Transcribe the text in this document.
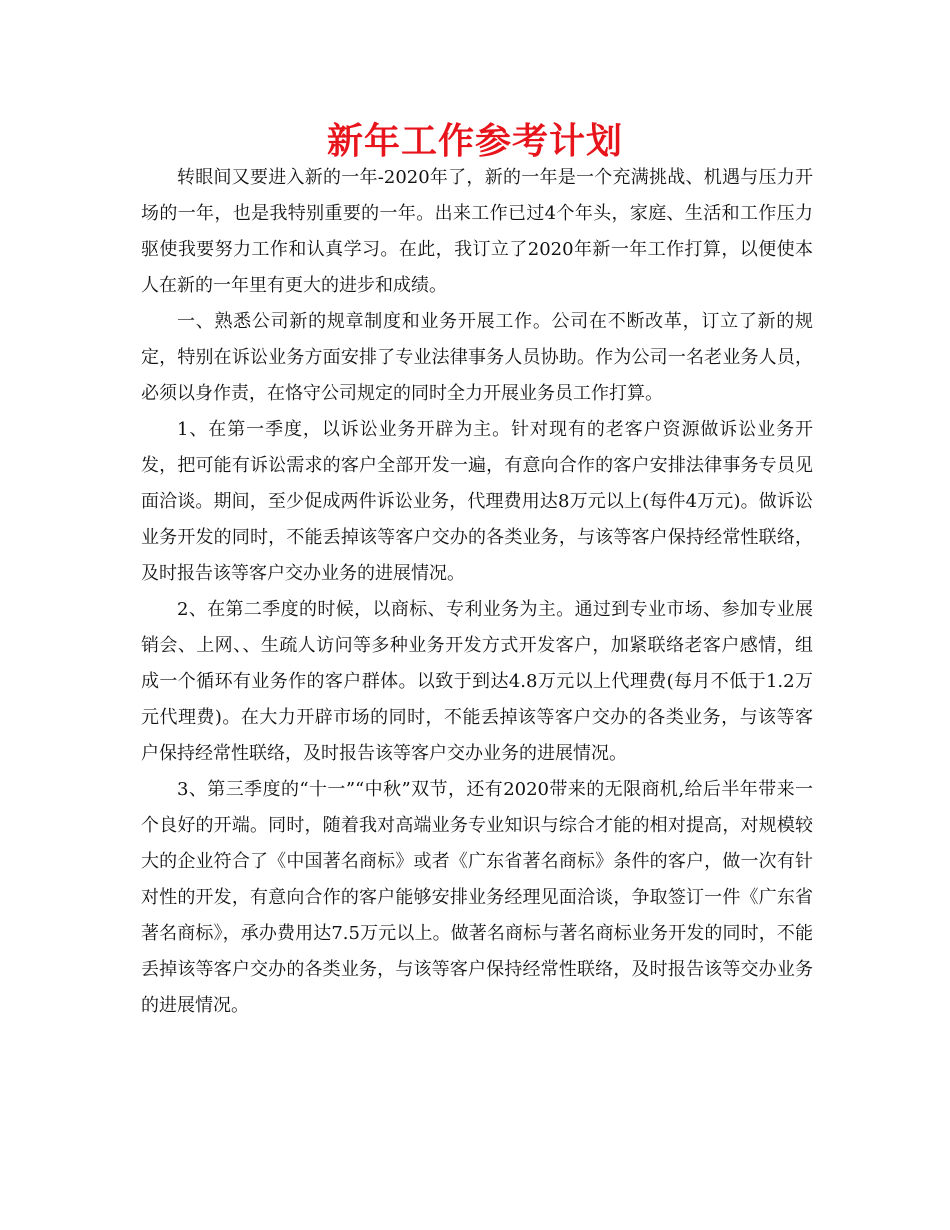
新年工作参考计划

转眼间又要进入新的一年-2020年了，新的一年是一个充满挑战、机遇与压力开场的一年，也是我特别重要的一年。出来工作已过4个年头，家庭、生活和工作压力驱使我要努力工作和认真学习。在此，我订立了2020年新一年工作打算，以便使本人在新的一年里有更大的进步和成绩。

一、熟悉公司新的规章制度和业务开展工作。公司在不断改革，订立了新的规定，特别在诉讼业务方面安排了专业法律事务人员协助。作为公司一名老业务人员，必须以身作责，在恪守公司规定的同时全力开展业务员工作打算。

1、在第一季度，以诉讼业务开辟为主。针对现有的老客户资源做诉讼业务开发，把可能有诉讼需求的客户全部开发一遍，有意向合作的客户安排法律事务专员见面洽谈。期间，至少促成两件诉讼业务，代理费用达8万元以上(每件4万元)。做诉讼业务开发的同时，不能丢掉该等客户交办的各类业务，与该等客户保持经常性联络，及时报告该等客户交办业务的进展情况。

2、在第二季度的时候，以商标、专利业务为主。通过到专业市场、参加专业展销会、上网、、生疏人访问等多种业务开发方式开发客户，加紧联络老客户感情，组成一个循环有业务作的客户群体。以致于到达4.8万元以上代理费(每月不低于1.2万元代理费)。在大力开辟市场的同时，不能丢掉该等客户交办的各类业务，与该等客户保持经常性联络，及时报告该等客户交办业务的进展情况。

3、第三季度的“十一”“中秋”双节，还有2020带来的无限商机,给后半年带来一个良好的开端。同时，随着我对高端业务专业知识与综合才能的相对提高，对规模较大的企业符合了《中国著名商标》或者《广东省著名商标》条件的客户，做一次有针对性的开发，有意向合作的客户能够安排业务经理见面洽谈，争取签订一件《广东省著名商标》，承办费用达7.5万元以上。做著名商标与著名商标业务开发的同时，不能丢掉该等客户交办的各类业务，与该等客户保持经常性联络，及时报告该等交办业务的进展情况。
